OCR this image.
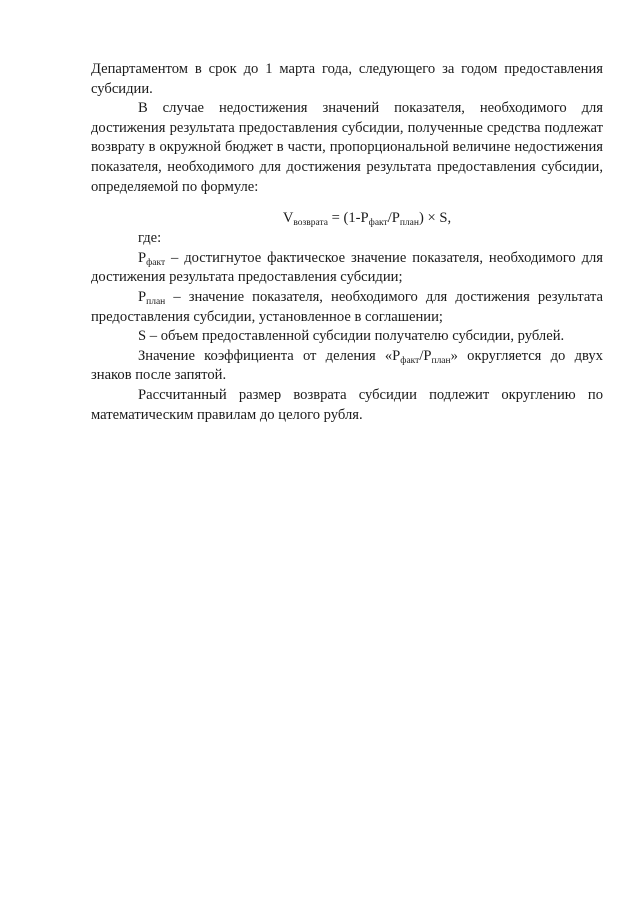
Департаментом в срок до 1 марта года, следующего за годом предоставления субсидии.

В случае недостижения значений показателя, необходимого для достижения результата предоставления субсидии, полученные средства подлежат возврату в окружной бюджет в части, пропорциональной величине недостижения показателя, необходимого для достижения результата предоставления субсидии, определяемой по формуле:

$V_{возврата} = (1-P_{факт}/P_{план}) \times S$,

где:

$P_{факт}$ – достигнутое фактическое значение показателя, необходимого для достижения результата предоставления субсидии;

$P_{план}$ – значение показателя, необходимого для достижения результата предоставления субсидии, установленное в соглашении;

S – объем предоставленной субсидии получателю субсидии, рублей.

Значение коэффициента от деления «$P_{факт}/P_{план}$» округляется до двух знаков после запятой.

Рассчитанный размер возврата субсидии подлежит округлению по математическим правилам до целого рубля.
